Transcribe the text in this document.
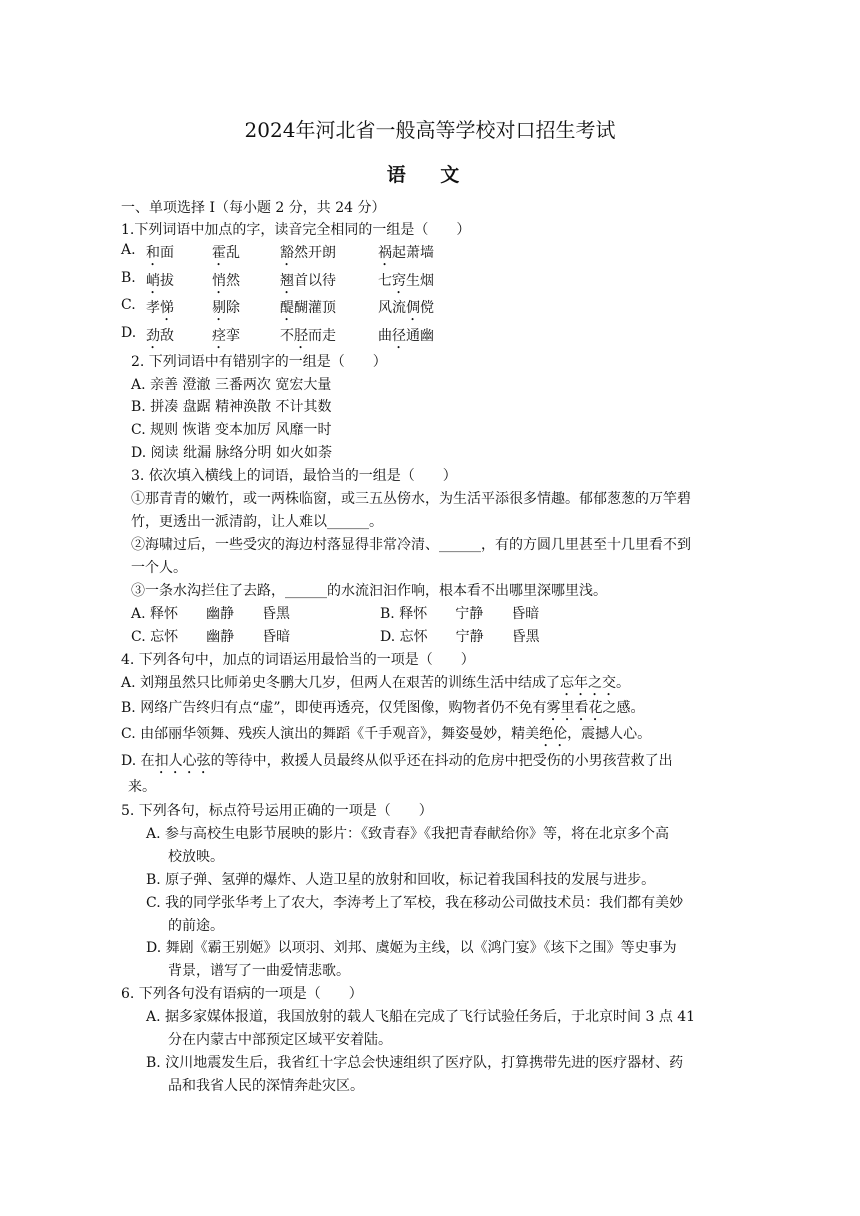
2024年河北省一般高等学校对口招生考试
语 文
一、单项选择 I（每小题 2 分，共 24 分）
1.下列词语中加点的字，读音完全相同的一组是（　　）
A. 和面	霍乱	豁然开朗	祸起萧墙
B. 峭拔	悄然	翘首以待	七窍生烟
C. 孝悌	剔除	醍醐灌顶	风流倜傥
D. 劲敌	痉挛	不胫而走	曲径通幽
2. 下列词语中有错别字的一组是（　　）
A. 亲善 澄澈 三番两次 宽宏大量
B. 拼凑 盘踞 精神涣散 不计其数
C. 规则 恢谐 变本加厉 风靡一时
D. 阅读 纰漏 脉络分明 如火如荼
3. 依次填入横线上的词语，最恰当的一组是（　　）
①那青青的嫩竹，或一两株临窗，或三五丛傍水，为生活平添很多情趣。郁郁葱葱的万竿碧
竹，更透出一派清韵，让人难以______。
②海啸过后，一些受灾的海边村落显得非常冷清、______，有的方圆几里甚至十几里看不到
一个人。
③一条水沟拦住了去路，______的水流汩汩作响，根本看不出哪里深哪里浅。
A. 释怀　　幽静　　昏黑	B. 释怀　　宁静　　昏暗
C. 忘怀　　幽静　　昏暗	D. 忘怀　　宁静　　昏黑
4. 下列各句中，加点的词语运用最恰当的一项是（　　）
A. 刘翔虽然只比师弟史冬鹏大几岁，但两人在艰苦的训练生活中结成了忘年之交。
B. 网络广告终归有点“虚”，即使再透亮，仅凭图像，购物者仍不免有雾里看花之感。
C. 由邰丽华领舞、残疾人演出的舞蹈《千手观音》，舞姿曼妙，精美绝伦，震撼人心。
D. 在扣人心弦的等待中，救援人员最终从似乎还在抖动的危房中把受伤的小男孩营救了出
来。
5. 下列各句，标点符号运用正确的一项是（　　）
A. 参与高校生电影节展映的影片：《致青春》《我把青春献给你》等，将在北京多个高
校放映。
B. 原子弹、氢弹的爆炸、人造卫星的放射和回收，标记着我国科技的发展与进步。
C. 我的同学张华考上了农大，李涛考上了军校，我在移动公司做技术员：我们都有美妙
的前途。
D. 舞剧《霸王别姬》以项羽、刘邦、虞姬为主线，以《鸿门宴》《垓下之围》等史事为
背景，谱写了一曲爱情悲歌。
6. 下列各句没有语病的一项是（　　）
A. 据多家媒体报道，我国放射的载人飞船在完成了飞行试验任务后，于北京时间 3 点 41
分在内蒙古中部预定区域平安着陆。
B. 汶川地震发生后，我省红十字总会快速组织了医疗队，打算携带先进的医疗器材、药
品和我省人民的深情奔赴灾区。
